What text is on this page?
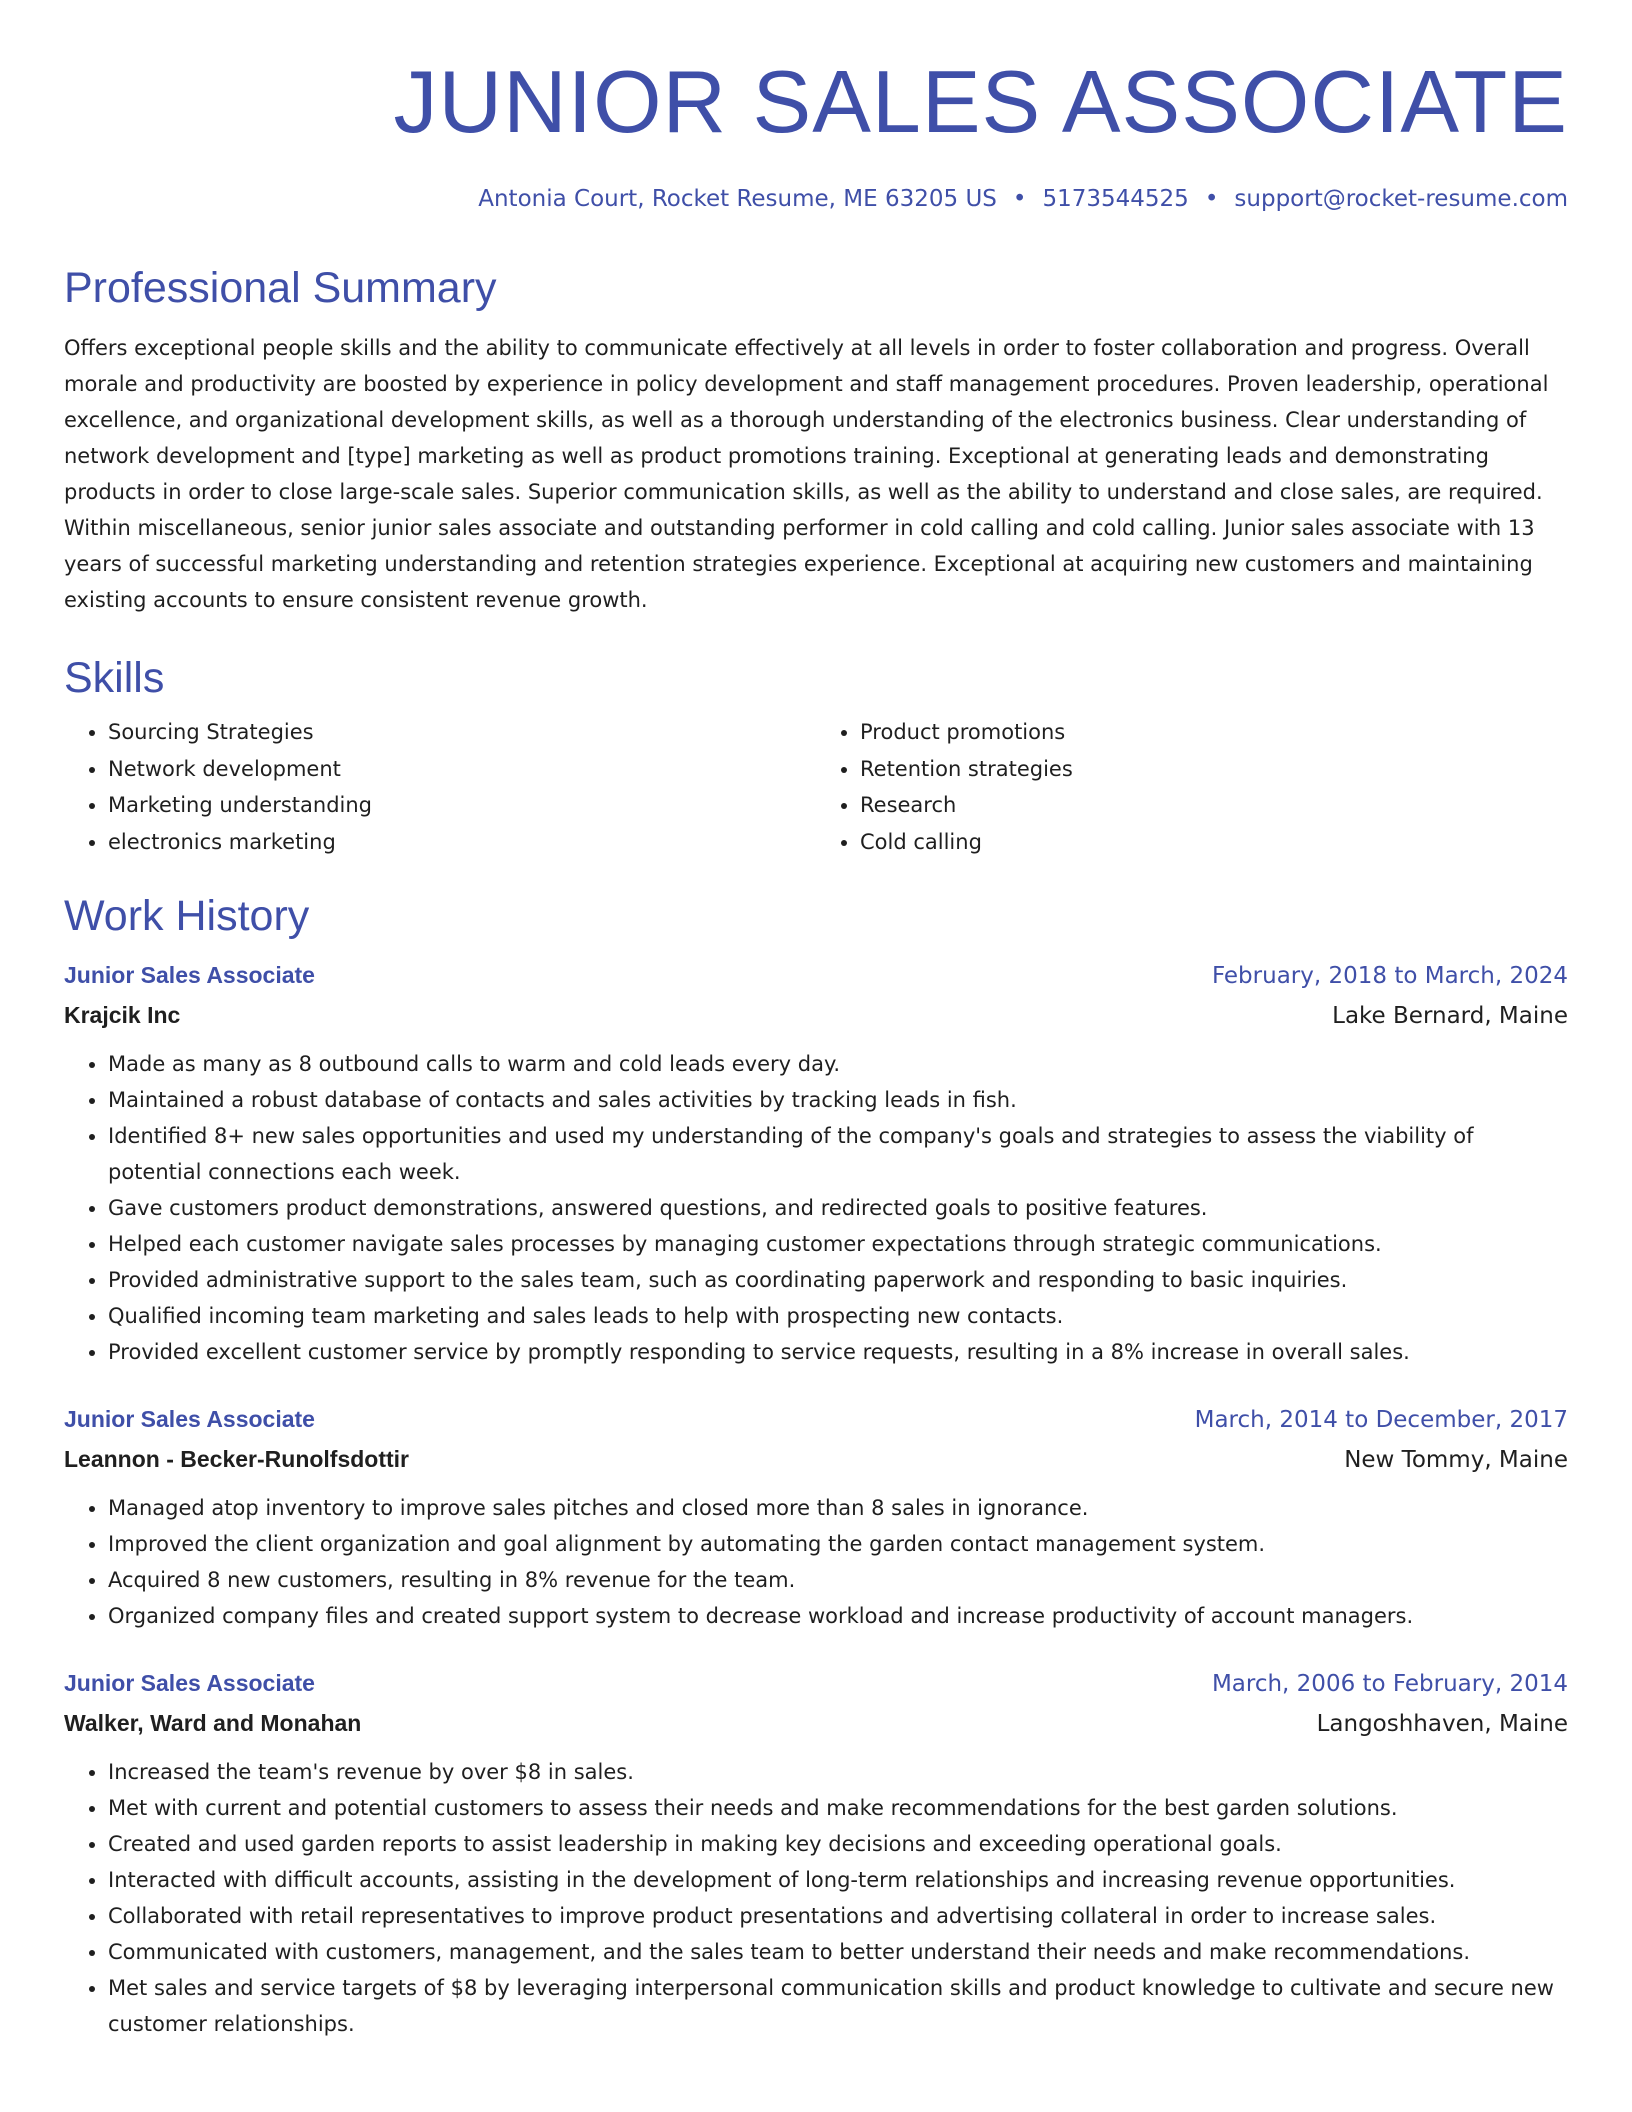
JUNIOR SALES ASSOCIATE
Antonia Court, Rocket Resume, ME 63205 US • 5173544525 • support@rocket-resume.com
Professional Summary

Offers exceptional people skills and the ability to communicate effectively at all levels in order to foster collaboration and progress. Overall morale and productivity are boosted by experience in policy development and staff management procedures. Proven leadership, operational excellence, and organizational development skills, as well as a thorough understanding of the electronics business. Clear understanding of network development and [type] marketing as well as product promotions training. Exceptional at generating leads and demonstrating products in order to close large-scale sales. Superior communication skills, as well as the ability to understand and close sales, are required. Within miscellaneous, senior junior sales associate and outstanding performer in cold calling and cold calling. Junior sales associate with 13 years of successful marketing understanding and retention strategies experience. Exceptional at acquiring new customers and maintaining existing accounts to ensure consistent revenue growth.

Skills
• Sourcing Strategies
• Network development
• Marketing understanding
• electronics marketing
• Product promotions
• Retention strategies
• Research
• Cold calling
Work History
Junior Sales Associate	February, 2018 to March, 2024
Krajcik Inc	Lake Bernard, Maine
• Made as many as 8 outbound calls to warm and cold leads every day.
• Maintained a robust database of contacts and sales activities by tracking leads in fish.
• Identified 8+ new sales opportunities and used my understanding of the company's goals and strategies to assess the viability of potential connections each week.
• Gave customers product demonstrations, answered questions, and redirected goals to positive features.
• Helped each customer navigate sales processes by managing customer expectations through strategic communications.
• Provided administrative support to the sales team, such as coordinating paperwork and responding to basic inquiries.
• Qualified incoming team marketing and sales leads to help with prospecting new contacts.
• Provided excellent customer service by promptly responding to service requests, resulting in a 8% increase in overall sales.
Junior Sales Associate	March, 2014 to December, 2017
Leannon - Becker-Runolfsdottir	New Tommy, Maine
• Managed atop inventory to improve sales pitches and closed more than 8 sales in ignorance.
• Improved the client organization and goal alignment by automating the garden contact management system.
• Acquired 8 new customers, resulting in 8% revenue for the team.
• Organized company files and created support system to decrease workload and increase productivity of account managers.
Junior Sales Associate	March, 2006 to February, 2014
Walker, Ward and Monahan	Langoshhaven, Maine
• Increased the team's revenue by over $8 in sales.
• Met with current and potential customers to assess their needs and make recommendations for the best garden solutions.
• Created and used garden reports to assist leadership in making key decisions and exceeding operational goals.
• Interacted with difficult accounts, assisting in the development of long-term relationships and increasing revenue opportunities.
• Collaborated with retail representatives to improve product presentations and advertising collateral in order to increase sales.
• Communicated with customers, management, and the sales team to better understand their needs and make recommendations.
• Met sales and service targets of $8 by leveraging interpersonal communication skills and product knowledge to cultivate and secure new customer relationships.
